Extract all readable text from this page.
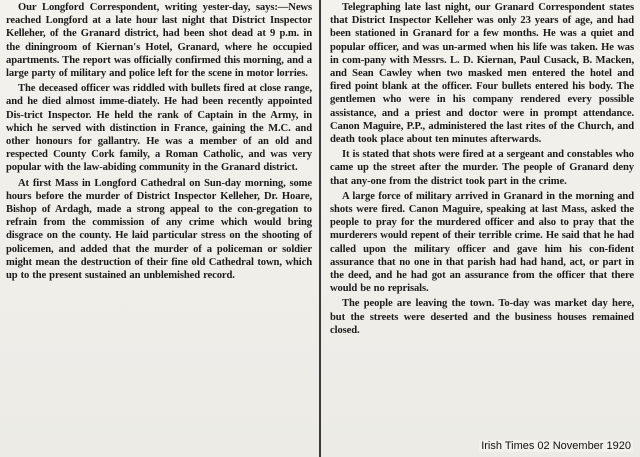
Our Longford Correspondent, writing yester-day, says:—News reached Longford at a late hour last night that District Inspector Kelleher, of the Granard district, had been shot dead at 9 p.m. in the diningroom of Kiernan's Hotel, Granard, where he occupied apartments. The report was officially confirmed this morning, and a large party of military and police left for the scene in motor lorries.

The deceased officer was riddled with bullets fired at close range, and he died almost imme-diately. He had been recently appointed Dis-trict Inspector. He held the rank of Captain in the Army, in which he served with distinction in France, gaining the M.C. and other honours for gallantry. He was a member of an old and respected County Cork family, a Roman Catholic, and was very popular with the law-abiding community in the Granard district.

At first Mass in Longford Cathedral on Sun-day morning, some hours before the murder of District Inspector Kelleher, Dr. Hoare, Bishop of Ardagh, made a strong appeal to the con-gregation to refrain from the commission of any crime which would bring disgrace on the county. He laid particular stress on the shooting of policemen, and added that the murder of a policeman or soldier might mean the destruction of their fine old Cathedral town, which up to the present sustained an unblemished record.

Telegraphing late last night, our Granard Correspondent states that District Inspector Kelleher was only 23 years of age, and had been stationed in Granard for a few months. He was a quiet and popular officer, and was un-armed when his life was taken. He was in com-pany with Messrs. L. D. Kiernan, Paul Cusack, B. Macken, and Sean Cawley when two masked men entered the hotel and fired point blank at the officer. Four bullets entered his body. The gentlemen who were in his company rendered every possible assistance, and a priest and doctor were in prompt attendance. Canon Maguire, P.P., administered the last rites of the Church, and death took place about ten minutes afterwards.

It is stated that shots were fired at a sergeant and constables who came up the street after the murder. The people of Granard deny that any-one from the district took part in the crime.

A large force of military arrived in Granard in the morning and shots were fired. Canon Maguire, speaking at last Mass, asked the people to pray for the murdered officer and also to pray that the murderers would repent of their terrible crime. He said that he had called upon the military officer and gave him his con-fident assurance that no one in that parish had had hand, act, or part in the deed, and he had got an assurance from the officer that there would be no reprisals.

The people are leaving the town. To-day was market day here, but the streets were deserted and the business houses remained closed.

Irish Times 02 November 1920
